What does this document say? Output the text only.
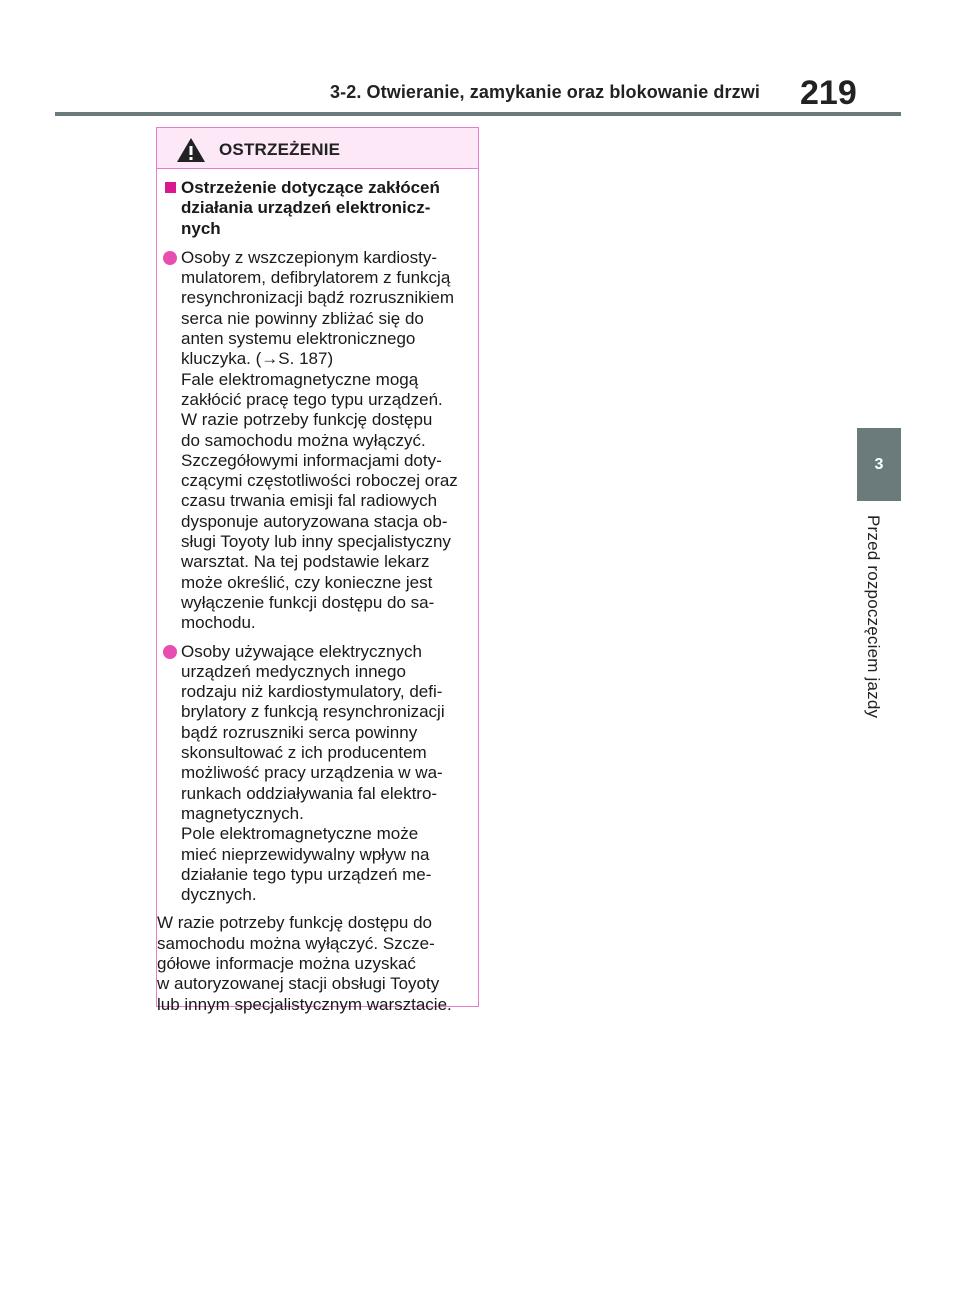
3-2. Otwieranie, zamykanie oraz blokowanie drzwi 219
3
Przed rozpoczęciem jazdy
OSTRZEŻENIE
Ostrzeżenie dotyczące zakłóceń
działania urządzeń elektronicz-
nych
Osoby z wszczepionym kardiosty-
mulatorem, defibrylatorem z funkcją
resynchronizacji bądź rozrusznikiem
serca nie powinny zbliżać się do
anten systemu elektronicznego
kluczyka. (→S. 187)
Fale elektromagnetyczne mogą
zakłócić pracę tego typu urządzeń.
W razie potrzeby funkcję dostępu
do samochodu można wyłączyć.
Szczegółowymi informacjami doty-
czącymi częstotliwości roboczej oraz
czasu trwania emisji fal radiowych
dysponuje autoryzowana stacja ob-
sługi Toyoty lub inny specjalistyczny
warsztat. Na tej podstawie lekarz
może określić, czy konieczne jest
wyłączenie funkcji dostępu do sa-
mochodu.
Osoby używające elektrycznych
urządzeń medycznych innego
rodzaju niż kardiostymulatory, defi-
brylatory z funkcją resynchronizacji
bądź rozruszniki serca powinny
skonsultować z ich producentem
możliwość pracy urządzenia w wa-
runkach oddziaływania fal elektro-
magnetycznych.
Pole elektromagnetyczne może
mieć nieprzewidywalny wpływ na
działanie tego typu urządzeń me-
dycznych.
W razie potrzeby funkcję dostępu do
samochodu można wyłączyć. Szcze-
gółowe informacje można uzyskać
w autoryzowanej stacji obsługi Toyoty
lub innym specjalistycznym warsztacie.
